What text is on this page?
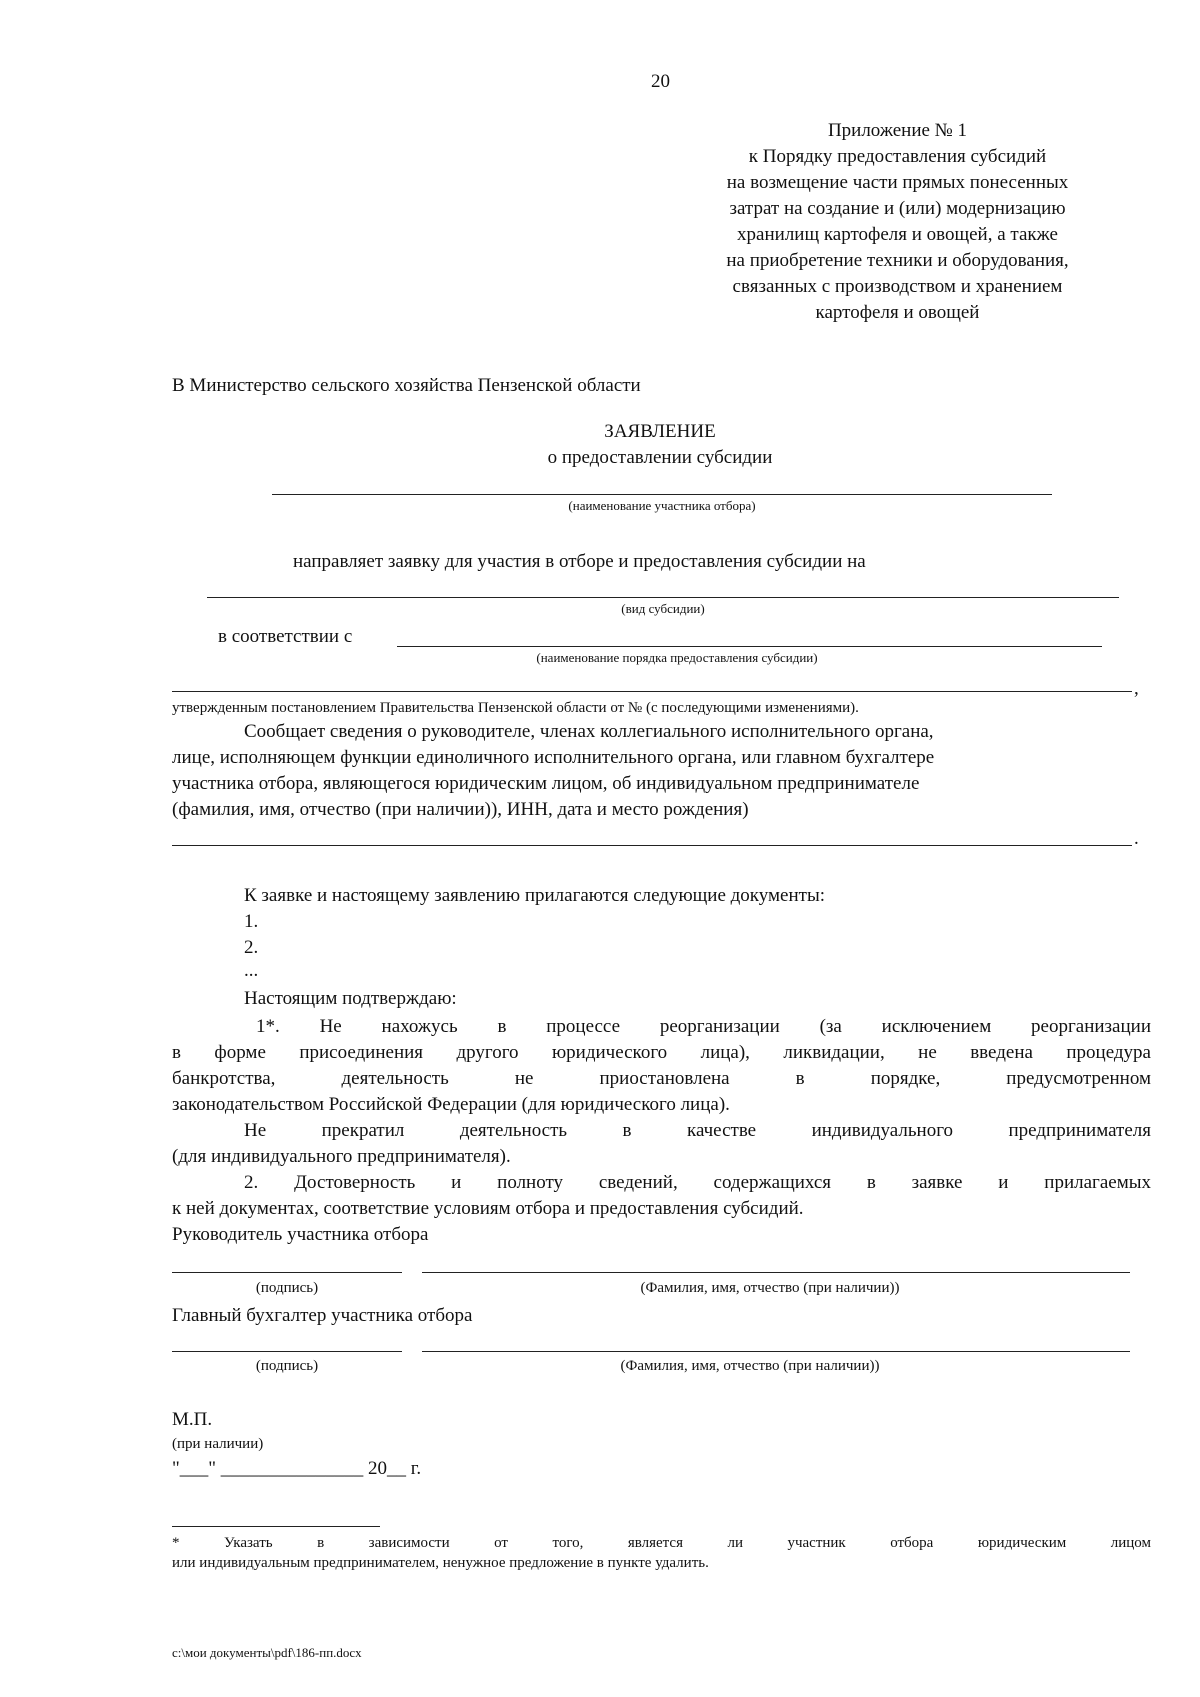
20
Приложение № 1
к Порядку предоставления субсидий
на возмещение части прямых понесенных
затрат на создание и (или) модернизацию
хранилищ картофеля и овощей, а также
на приобретение техники и оборудования,
связанных с производством и хранением
картофеля и овощей
В Министерство сельского хозяйства Пензенской области
ЗАЯВЛЕНИЕ
о предоставлении субсидии
(наименование участника отбора)
направляет заявку для участия в отборе и предоставления субсидии на
(вид субсидии)
в соответствии с
(наименование порядка предоставления субсидии)
,
утвержденным постановлением Правительства Пензенской области от № (с последующими изменениями).
Сообщает сведения о руководителе, членах коллегиального исполнительного органа,
лице, исполняющем функции единоличного исполнительного органа, или главном бухгалтере
участника отбора, являющегося юридическим лицом, об индивидуальном предпринимателе
(фамилия, имя, отчество (при наличии)), ИНН, дата и место рождения)
.
К заявке и настоящему заявлению прилагаются следующие документы:
1.
2.
...
Настоящим подтверждаю:
1*. Не нахожусь в процессе реорганизации (за исключением реорганизации
в форме присоединения другого юридического лица), ликвидации, не введена процедура
банкротства, деятельность не приостановлена в порядке, предусмотренном
законодательством Российской Федерации (для юридического лица).
Не прекратил деятельность в качестве индивидуального предпринимателя
(для индивидуального предпринимателя).
2. Достоверность и полноту сведений, содержащихся в заявке и прилагаемых
к ней документах, соответствие условиям отбора и предоставления субсидий.
Руководитель участника отбора
(подпись)	(Фамилия, имя, отчество (при наличии))
Главный бухгалтер участника отбора
(подпись)	(Фамилия, имя, отчество (при наличии))
М.П.
(при наличии)
"___" _______________ 20__ г.
* Указать в зависимости от того, является ли участник отбора юридическим лицом
или индивидуальным предпринимателем, ненужное предложение в пункте удалить.
c:\мои документы\pdf\186-пп.docx
